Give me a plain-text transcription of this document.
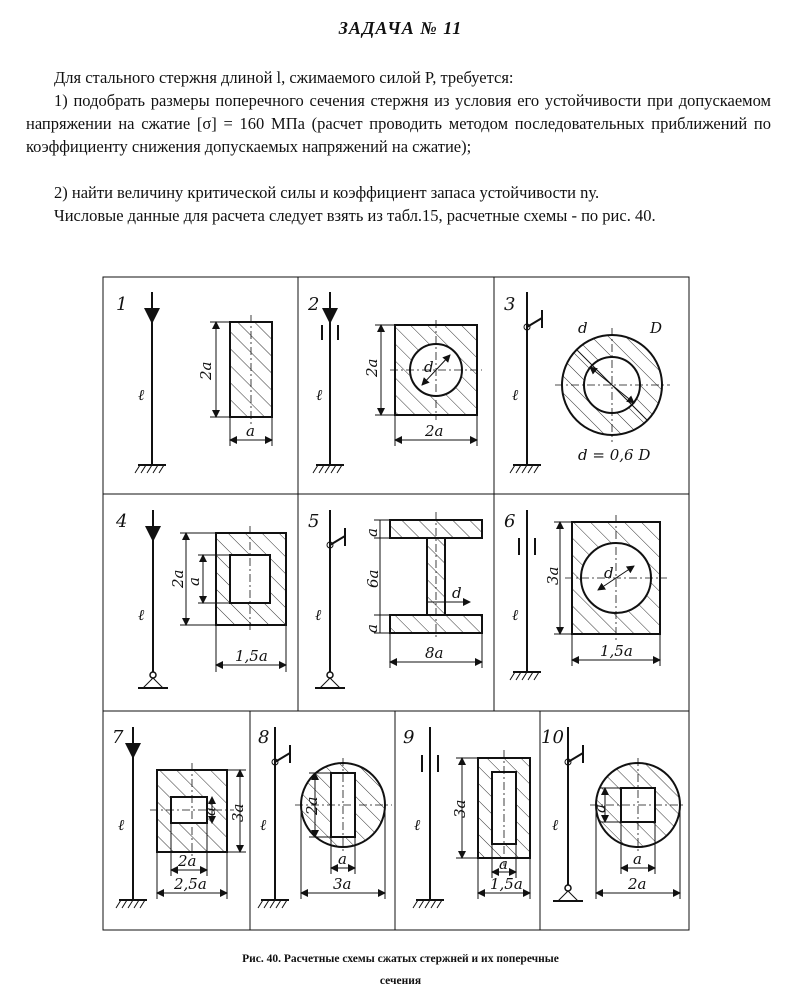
ЗАДАЧА № 11

Для стального стержня длиной l, сжимаемого силой P, требуется:

1) подобрать размеры поперечного сечения стержня из условия его устойчивости при допускаемом напряжении на сжатие [σ] = 160 МПа (расчет проводить методом последовательных приближений по коэффициенту снижения допускаемых напряжений на сжатие);

2) найти величину критической силы и коэффициент запаса устойчивости nу.

Числовые данные для расчета следует взять из табл.15, расчетные схемы - по рис. 40.

1
ℓ
2a
a
2
ℓ
d
2a
2a
3
ℓ
d	D
d = 0,6 D
4
ℓ
2a
a
1,5a
5
ℓ
a
6a
a
d
8a
6
ℓ
d
3a
1,5a
7
ℓ
a 3a
2a
2,5a
8
ℓ
2a
a
3a
9
ℓ
3a
a
1,5a
10
ℓ
a
a
2a
Рис. 40. Расчетные схемы сжатых стержней и их поперечные
сечения
